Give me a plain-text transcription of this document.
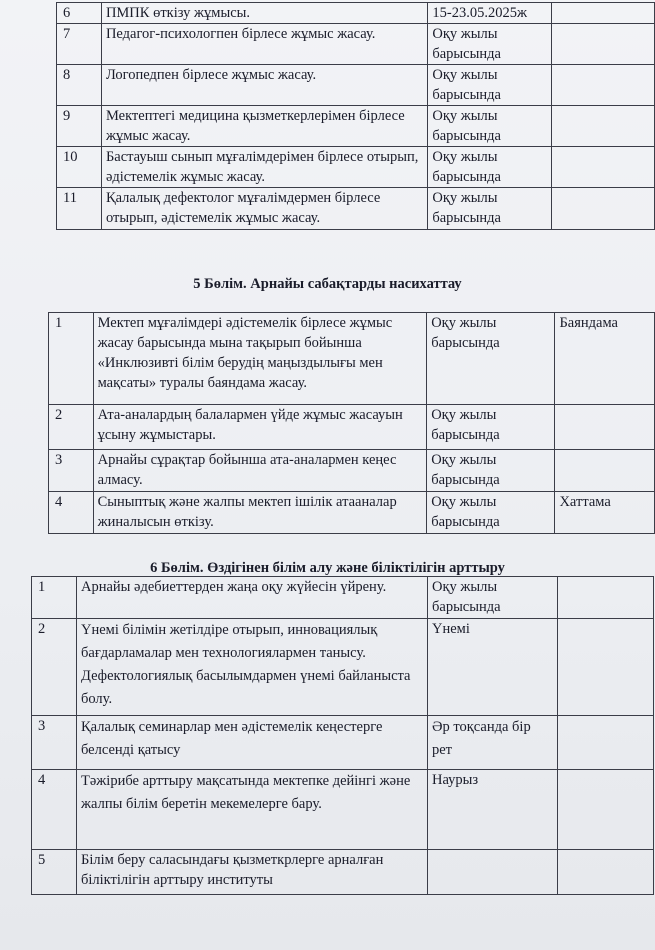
6	ПМПК өткізу жұмысы.	15-23.05.2025ж	
7	Педагог-психологпен бірлесе жұмыс жасау.	Оқу жылы барысында	
8	Логопедпен бірлесе жұмыс жасау.	Оқу жылы барысында	
9	Мектептегі медицина қызметкерлерімен бірлесе жұмыс жасау.	Оқу жылы барысында	
10	Бастауыш сынып мұғалімдерімен бірлесе отырып, әдістемелік жұмыс жасау.	Оқу жылы барысында	
11	Қалалық дефектолог мұғалімдермен бірлесе отырып, әдістемелік жұмыс жасау.	Оқу жылы барысында	
5 Бөлім. Арнайы сабақтарды насихаттау
1	Мектеп мұғалімдері әдістемелік бірлесе жұмыс жасау барысында мына тақырып бойынша «Инклюзивті білім берудің маңыздылығы мен мақсаты» туралы баяндама жасау.	Оқу жылы барысында	Баяндама
2	Ата-аналардың балалармен үйде жұмыс жасауын ұсыну жұмыстары.	Оқу жылы барысында	
3	Арнайы сұрақтар бойынша ата-аналармен кеңес алмасу.	Оқу жылы барысында	
4	Сыныптық және жалпы мектеп ішілік атааналар жиналысын өткізу.	Оқу жылы барысында	Хаттама
6 Бөлім. Өздігінен білім алу және біліктілігін арттыру
1	Арнайы әдебиеттерден жаңа оқу жүйесін үйрену.	Оқу жылы барысында	
2	Үнемі білімін жетілдіре отырып, инновациялық бағдарламалар мен технологиялармен танысу. Дефектологиялық басылымдармен үнемі байланыста болу.	Үнемі	
3	Қалалық семинарлар мен әдістемелік кеңестерге белсенді қатысу	Әр тоқсанда бір рет	
4	Тәжірибе арттыру мақсатында мектепке дейінгі және жалпы білім беретін мекемелерге бару.	Наурыз	
5	Білім беру саласындағы қызметкрлерге арналған біліктілігін арттыру институты		
